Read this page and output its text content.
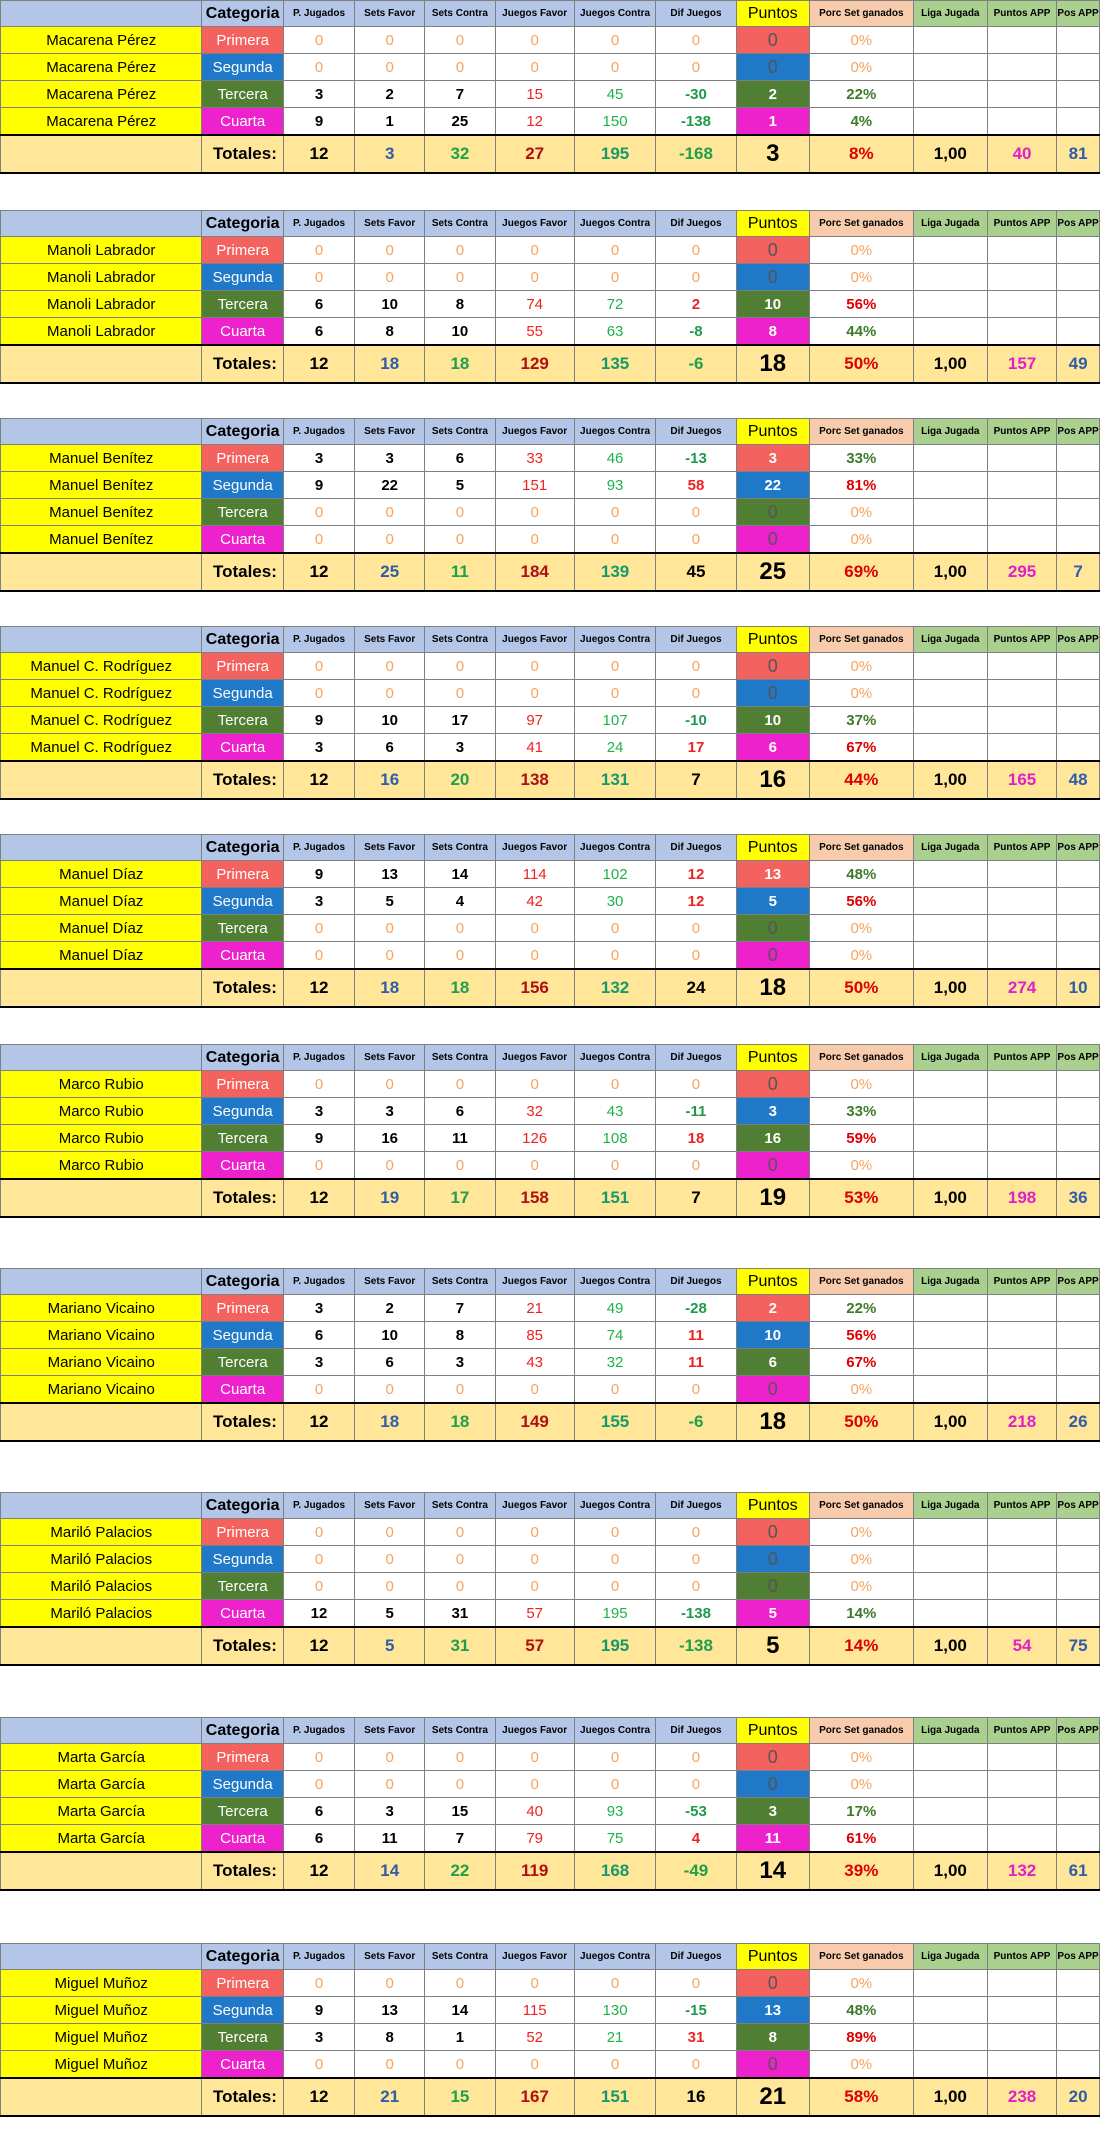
	Categoria	P. Jugados	Sets Favor	Sets Contra	Juegos Favor	Juegos Contra	Dif Juegos	Puntos	Porc Set ganados	Liga Jugada	Puntos APP	Pos APP
Macarena Pérez	Primera	0	0	0	0	0	0	0	0%			
Macarena Pérez	Segunda	0	0	0	0	0	0	0	0%			
Macarena Pérez	Tercera	3	2	7	15	45	-30	2	22%			
Macarena Pérez	Cuarta	9	1	25	12	150	-138	1	4%			
	Totales:	12	3	32	27	195	-168	3	8%	1,00	40	81
	Categoria	P. Jugados	Sets Favor	Sets Contra	Juegos Favor	Juegos Contra	Dif Juegos	Puntos	Porc Set ganados	Liga Jugada	Puntos APP	Pos APP
Manoli Labrador	Primera	0	0	0	0	0	0	0	0%			
Manoli Labrador	Segunda	0	0	0	0	0	0	0	0%			
Manoli Labrador	Tercera	6	10	8	74	72	2	10	56%			
Manoli Labrador	Cuarta	6	8	10	55	63	-8	8	44%			
	Totales:	12	18	18	129	135	-6	18	50%	1,00	157	49
	Categoria	P. Jugados	Sets Favor	Sets Contra	Juegos Favor	Juegos Contra	Dif Juegos	Puntos	Porc Set ganados	Liga Jugada	Puntos APP	Pos APP
Manuel Benítez	Primera	3	3	6	33	46	-13	3	33%			
Manuel Benítez	Segunda	9	22	5	151	93	58	22	81%			
Manuel Benítez	Tercera	0	0	0	0	0	0	0	0%			
Manuel Benítez	Cuarta	0	0	0	0	0	0	0	0%			
	Totales:	12	25	11	184	139	45	25	69%	1,00	295	7
	Categoria	P. Jugados	Sets Favor	Sets Contra	Juegos Favor	Juegos Contra	Dif Juegos	Puntos	Porc Set ganados	Liga Jugada	Puntos APP	Pos APP
Manuel C. Rodríguez	Primera	0	0	0	0	0	0	0	0%			
Manuel C. Rodríguez	Segunda	0	0	0	0	0	0	0	0%			
Manuel C. Rodríguez	Tercera	9	10	17	97	107	-10	10	37%			
Manuel C. Rodríguez	Cuarta	3	6	3	41	24	17	6	67%			
	Totales:	12	16	20	138	131	7	16	44%	1,00	165	48
	Categoria	P. Jugados	Sets Favor	Sets Contra	Juegos Favor	Juegos Contra	Dif Juegos	Puntos	Porc Set ganados	Liga Jugada	Puntos APP	Pos APP
Manuel Díaz	Primera	9	13	14	114	102	12	13	48%			
Manuel Díaz	Segunda	3	5	4	42	30	12	5	56%			
Manuel Díaz	Tercera	0	0	0	0	0	0	0	0%			
Manuel Díaz	Cuarta	0	0	0	0	0	0	0	0%			
	Totales:	12	18	18	156	132	24	18	50%	1,00	274	10
	Categoria	P. Jugados	Sets Favor	Sets Contra	Juegos Favor	Juegos Contra	Dif Juegos	Puntos	Porc Set ganados	Liga Jugada	Puntos APP	Pos APP
Marco Rubio	Primera	0	0	0	0	0	0	0	0%			
Marco Rubio	Segunda	3	3	6	32	43	-11	3	33%			
Marco Rubio	Tercera	9	16	11	126	108	18	16	59%			
Marco Rubio	Cuarta	0	0	0	0	0	0	0	0%			
	Totales:	12	19	17	158	151	7	19	53%	1,00	198	36
	Categoria	P. Jugados	Sets Favor	Sets Contra	Juegos Favor	Juegos Contra	Dif Juegos	Puntos	Porc Set ganados	Liga Jugada	Puntos APP	Pos APP
Mariano Vicaino	Primera	3	2	7	21	49	-28	2	22%			
Mariano Vicaino	Segunda	6	10	8	85	74	11	10	56%			
Mariano Vicaino	Tercera	3	6	3	43	32	11	6	67%			
Mariano Vicaino	Cuarta	0	0	0	0	0	0	0	0%			
	Totales:	12	18	18	149	155	-6	18	50%	1,00	218	26
	Categoria	P. Jugados	Sets Favor	Sets Contra	Juegos Favor	Juegos Contra	Dif Juegos	Puntos	Porc Set ganados	Liga Jugada	Puntos APP	Pos APP
Mariló Palacios	Primera	0	0	0	0	0	0	0	0%			
Mariló Palacios	Segunda	0	0	0	0	0	0	0	0%			
Mariló Palacios	Tercera	0	0	0	0	0	0	0	0%			
Mariló Palacios	Cuarta	12	5	31	57	195	-138	5	14%			
	Totales:	12	5	31	57	195	-138	5	14%	1,00	54	75
	Categoria	P. Jugados	Sets Favor	Sets Contra	Juegos Favor	Juegos Contra	Dif Juegos	Puntos	Porc Set ganados	Liga Jugada	Puntos APP	Pos APP
Marta García	Primera	0	0	0	0	0	0	0	0%			
Marta García	Segunda	0	0	0	0	0	0	0	0%			
Marta García	Tercera	6	3	15	40	93	-53	3	17%			
Marta García	Cuarta	6	11	7	79	75	4	11	61%			
	Totales:	12	14	22	119	168	-49	14	39%	1,00	132	61
	Categoria	P. Jugados	Sets Favor	Sets Contra	Juegos Favor	Juegos Contra	Dif Juegos	Puntos	Porc Set ganados	Liga Jugada	Puntos APP	Pos APP
Miguel Muñoz	Primera	0	0	0	0	0	0	0	0%			
Miguel Muñoz	Segunda	9	13	14	115	130	-15	13	48%			
Miguel Muñoz	Tercera	3	8	1	52	21	31	8	89%			
Miguel Muñoz	Cuarta	0	0	0	0	0	0	0	0%			
	Totales:	12	21	15	167	151	16	21	58%	1,00	238	20
